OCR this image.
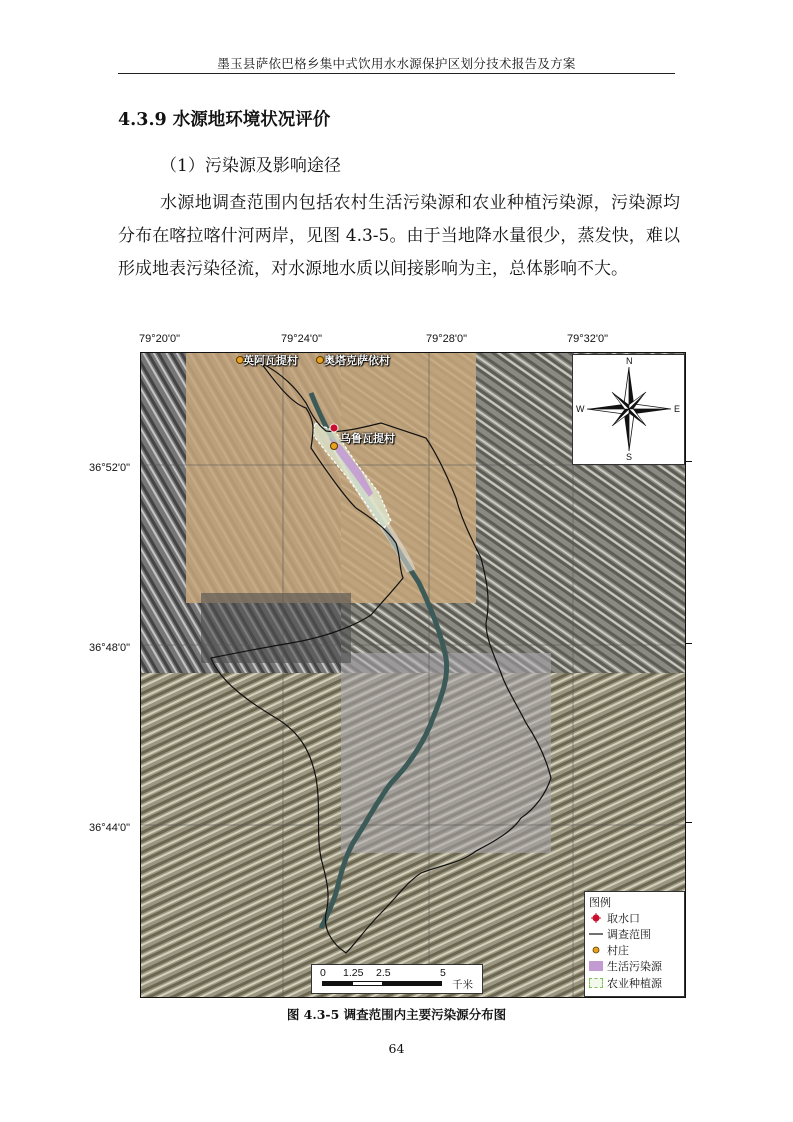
墨玉县萨依巴格乡集中式饮用水水源保护区划分技术报告及方案
4.3.9 水源地环境状况评价
（1）污染源及影响途径
水源地调查范围内包括农村生活污染源和农业种植污染源，污染源均分布在喀拉喀什河两岸，见图 4.3-5。由于当地降水量很少，蒸发快，难以形成地表污染径流，对水源地水质以间接影响为主，总体影响不大。
79°20'0"	79°24'0"	79°28'0"	79°32'0"
36°52'0"
36°48'0"
36°44'0"
英阿瓦提村 奥塔克萨依村
乌鲁瓦提村
N
S
E
W
0 1.25 2.5	5
千米
图例
取水口
调查范围
村庄
生活污染源
农业种植源
图 4.3-5 调查范围内主要污染源分布图
64
